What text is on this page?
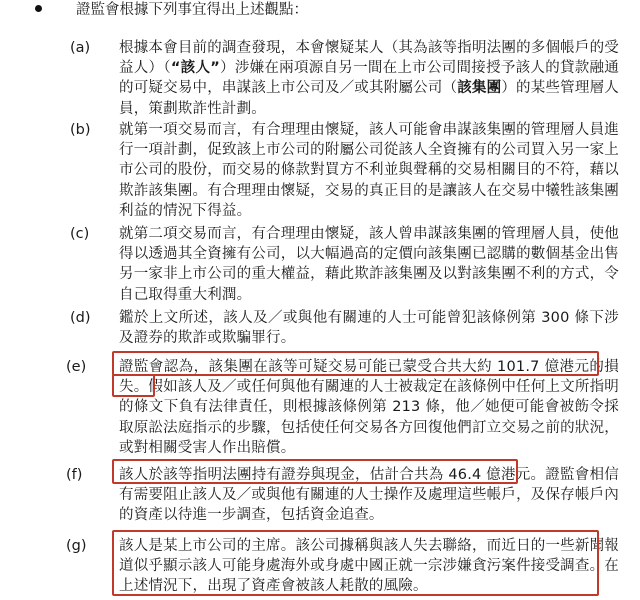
證監會根據下列事宜得出上述觀點：
(a)	根據本會目前的調查發現，本會懷疑某人（其為該等指明法團的多個帳戶的受益人）（“該人”）涉嫌在兩項源自另一間在上市公司間接授予該人的貸款融通的可疑交易中，串謀該上市公司及／或其附屬公司（該集團）的某些管理層人員，策劃欺詐性計劃。
(b)	就第一項交易而言，有合理理由懷疑，該人可能會串謀該集團的管理層人員進行一項計劃，促致該上市公司的附屬公司從該人全資擁有的公司買入另一家上市公司的股份，而交易的條款對買方不利並與聲稱的交易相關目的不符，藉以欺詐該集團。有合理理由懷疑，交易的真正目的是讓該人在交易中犧牲該集團利益的情況下得益。
(c)	就第二項交易而言，有合理理由懷疑，該人曾串謀該集團的管理層人員，使他得以透過其全資擁有公司，以大幅過高的定價向該集團已認購的數個基金出售另一家非上市公司的重大權益，藉此欺詐該集團及以對該集團不利的方式，令自己取得重大利潤。
(d)	鑑於上文所述，該人及／或與他有關連的人士可能曾犯該條例第 300 條下涉及證券的欺詐或欺騙罪行。
(e)	證監會認為，該集團在該等可疑交易可能已蒙受合共大約 101.7 億港元的損失。假如該人及／或任何與他有關連的人士被裁定在該條例中任何上文所指明的條文下負有法律責任，則根據該條例第 213 條，他／她便可能會被飭令採取原訟法庭指示的步驟，包括使任何交易各方回復他們訂立交易之前的狀況，或對相關受害人作出賠償。
(f)	該人於該等指明法團持有證券與現金，估計合共為 46.4 億港元。證監會相信有需要阻止該人及／或與他有關連的人士操作及處理這些帳戶，及保存帳戶內的資產以待進一步調查，包括資金追查。
(g)	該人是某上市公司的主席。該公司據稱與該人失去聯絡，而近日的一些新聞報道似乎顯示該人可能身處海外或身處中國正就一宗涉嫌貪污案件接受調查。在上述情況下，出現了資產會被該人耗散的風險。
